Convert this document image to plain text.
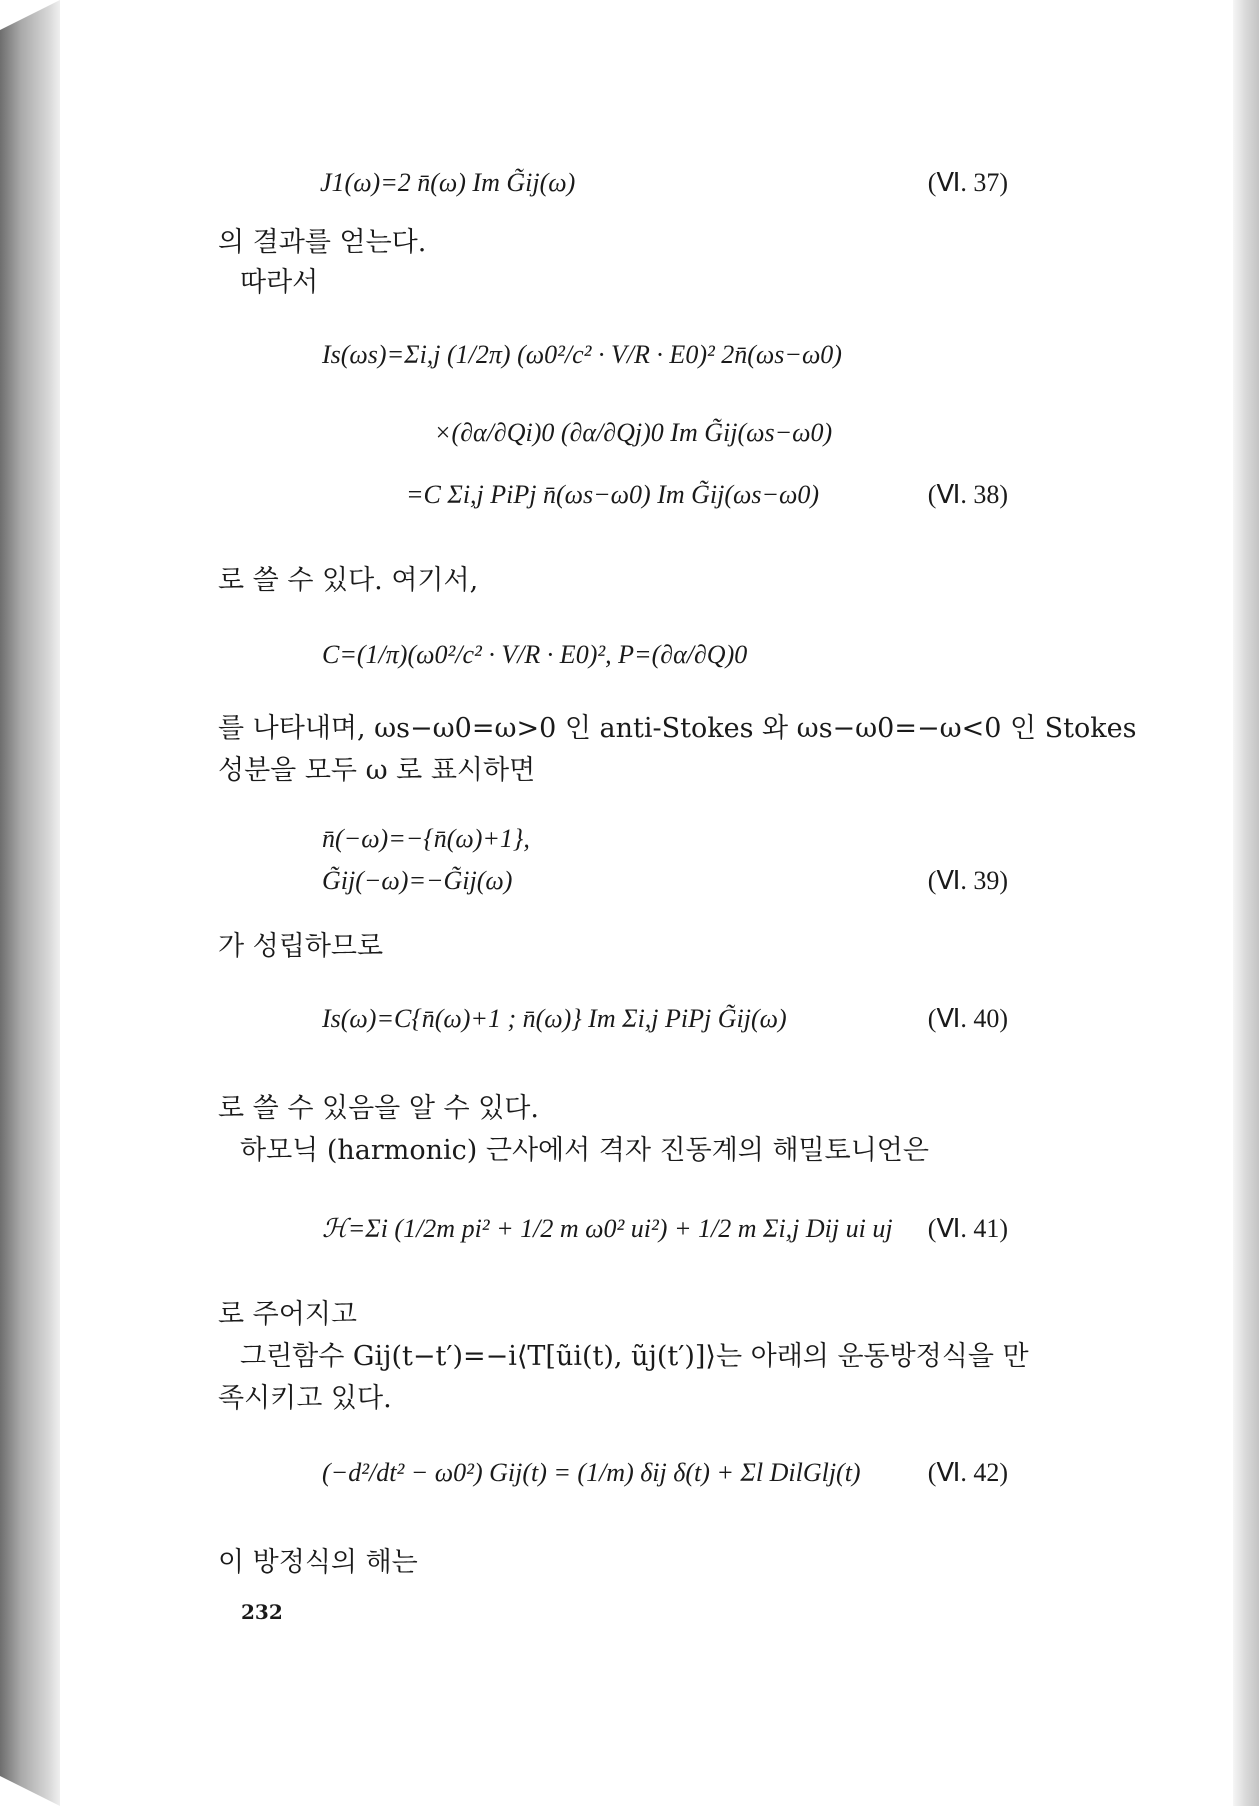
J1(ω)=2 n̄(ω) Im G̃ij(ω)	(Ⅵ. 37)
의 결과를 얻는다.
따라서
Is(ωs)=Σi,j (1/2π) (ω0²/c² · V/R · E0)² 2n̄(ωs−ω0)
×(∂α/∂Qi)0 (∂α/∂Qj)0 Im G̃ij(ωs−ω0)
=C Σi,j PiPj n̄(ωs−ω0) Im G̃ij(ωs−ω0)	(Ⅵ. 38)
로 쓸 수 있다. 여기서,
C=(1/π)(ω0²/c² · V/R · E0)², P=(∂α/∂Q)0
를 나타내며, ωs−ω0=ω>0 인 anti-Stokes 와 ωs−ω0=−ω<0 인 Stokes
성분을 모두 ω 로 표시하면
n̄(−ω)=−{n̄(ω)+1},
G̃ij(−ω)=−G̃ij(ω)	(Ⅵ. 39)
가 성립하므로
Is(ω)=C{n̄(ω)+1 ; n̄(ω)} Im Σi,j PiPj G̃ij(ω)	(Ⅵ. 40)
로 쓸 수 있음을 알 수 있다.
하모닉 (harmonic) 근사에서 격자 진동계의 해밀토니언은
ℋ=Σi (1/2m pi² + 1/2 m ω0² ui²) + 1/2 m Σi,j Dij ui uj (Ⅵ. 41)
로 주어지고
그린함수 Gij(t−t′)=−i⟨T[ũi(t), ũj(t′)]⟩는 아래의 운동방정식을 만
족시키고 있다.
(−d²/dt² − ω0²) Gij(t) = (1/m) δij δ(t) + Σl DilGlj(t)	(Ⅵ. 42)
이 방정식의 해는
232
